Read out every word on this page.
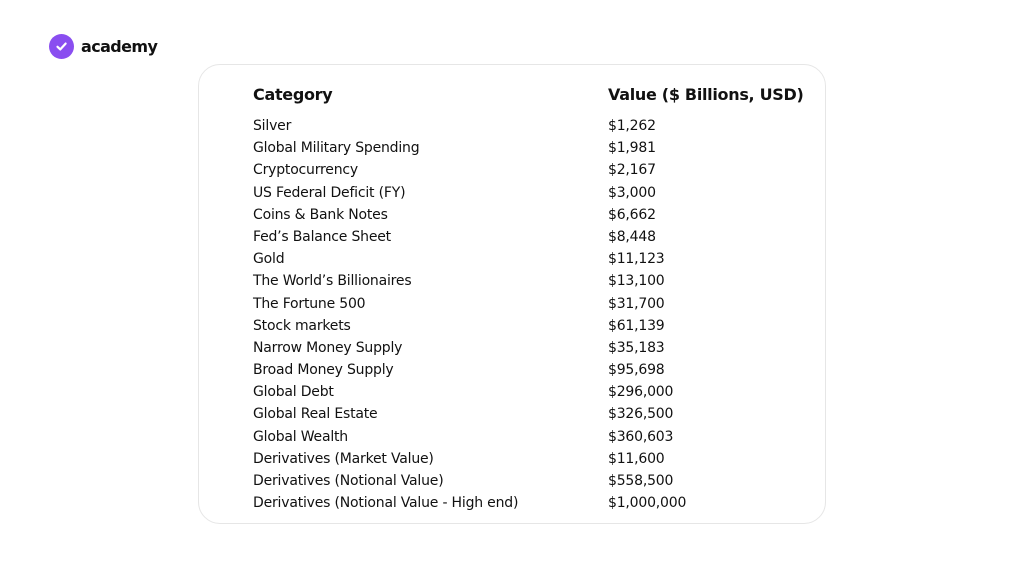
academy
Category	Value ($ Billions, USD)
Silver	$1,262
Global Military Spending	$1,981
Cryptocurrency	$2,167
US Federal Deficit (FY)	$3,000
Coins & Bank Notes	$6,662
Fed’s Balance Sheet	$8,448
Gold	$11,123
The World’s Billionaires	$13,100
The Fortune 500	$31,700
Stock markets	$61,139
Narrow Money Supply	$35,183
Broad Money Supply	$95,698
Global Debt	$296,000
Global Real Estate	$326,500
Global Wealth	$360,603
Derivatives (Market Value)	$11,600
Derivatives (Notional Value)	$558,500
Derivatives (Notional Value - High end)	$1,000,000
